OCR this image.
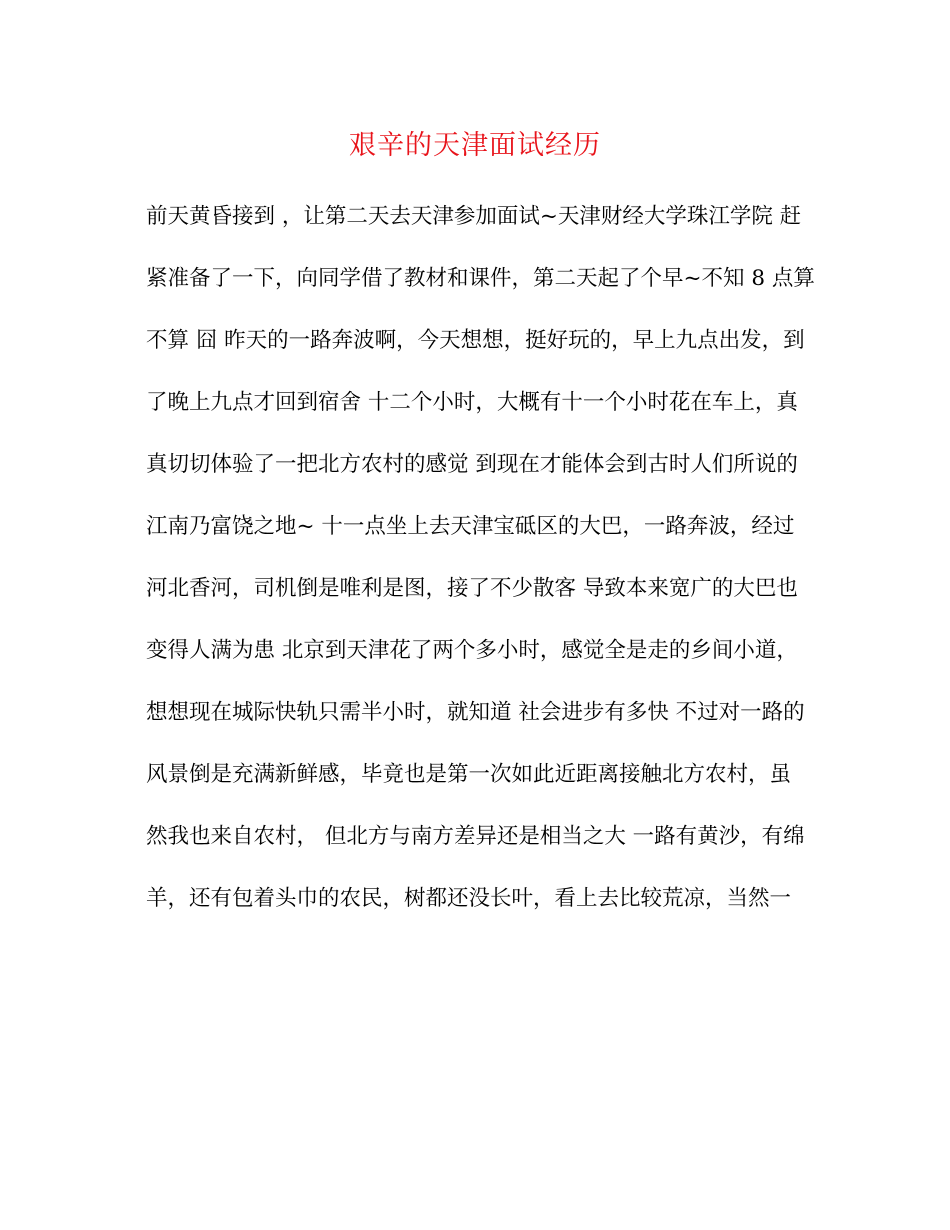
艰辛的天津面试经历
前天黄昏接到 ，让第二天去天津参加面试~天津财经大学珠江学院 赶
紧准备了一下，向同学借了教材和课件，第二天起了个早~不知 8 点算
不算 囧 昨天的一路奔波啊，今天想想，挺好玩的，早上九点出发，到
了晚上九点才回到宿舍 十二个小时，大概有十一个小时花在车上，真
真切切体验了一把北方农村的感觉 到现在才能体会到古时人们所说的
江南乃富饶之地~ 十一点坐上去天津宝砥区的大巴，一路奔波，经过
河北香河，司机倒是唯利是图，接了不少散客 导致本来宽广的大巴也
变得人满为患 北京到天津花了两个多小时，感觉全是走的乡间小道，
想想现在城际快轨只需半小时，就知道 社会进步有多快 不过对一路的
风景倒是充满新鲜感，毕竟也是第一次如此近距离接触北方农村，虽
然我也来自农村， 但北方与南方差异还是相当之大 一路有黄沙，有绵
羊，还有包着头巾的农民，树都还没长叶，看上去比较荒凉，当然一
